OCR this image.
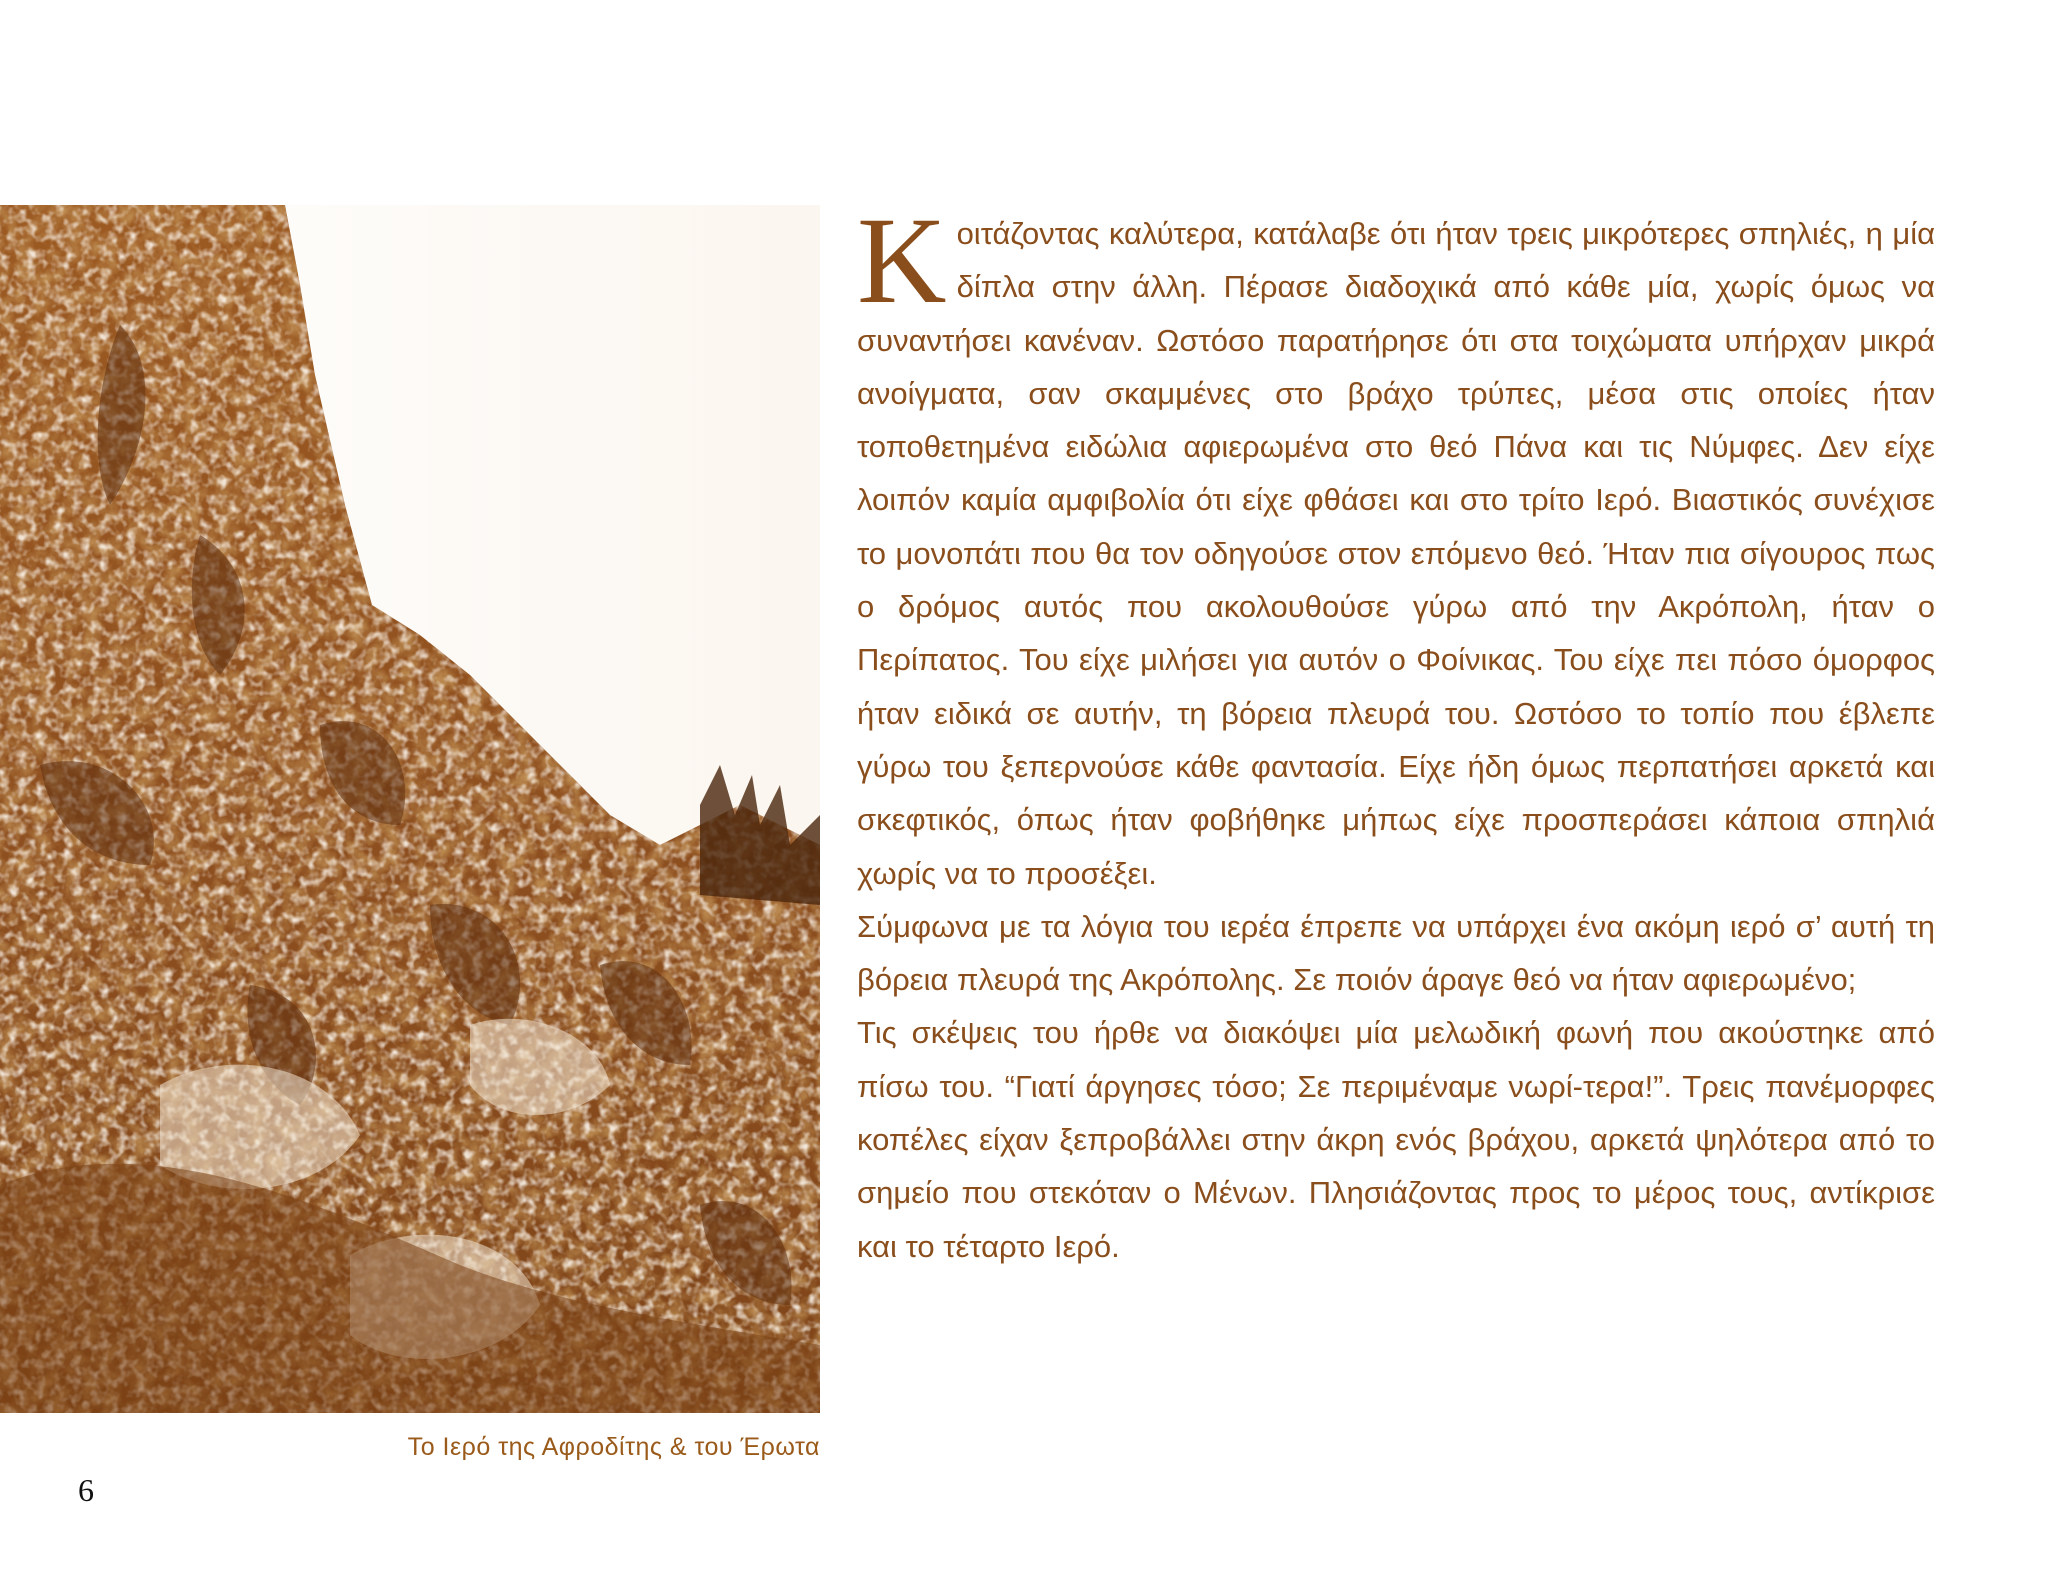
Το Ιερό της Αφροδίτης & του Έρωτα
6

Κοιτάζοντας καλύτερα, κατάλαβε ότι ήταν τρεις μικρότερες σπηλιές, η μία δίπλα στην άλλη. Πέρασε διαδοχικά από κάθε μία, χωρίς όμως να συναντήσει κανέναν. Ωστόσο παρατήρησε ότι στα τοιχώματα υπήρχαν μικρά ανοίγματα, σαν σκαμμένες στο βράχο τρύπες, μέσα στις οποίες ήταν τοποθετημένα ειδώλια αφιερωμένα στο θεό Πάνα και τις Νύμφες. Δεν είχε λοιπόν καμία αμφιβολία ότι είχε φθάσει και στο τρίτο Ιερό. Βιαστικός συνέχισε το μονοπάτι που θα τον οδηγούσε στον επόμενο θεό. Ήταν πια σίγουρος πως ο δρόμος αυτός που ακολουθούσε γύρω από την Ακρόπολη, ήταν ο Περίπατος. Του είχε μιλήσει για αυτόν ο Φοίνικας. Του είχε πει πόσο όμορφος ήταν ειδικά σε αυτήν, τη βόρεια πλευρά του. Ωστόσο το τοπίο που έβλεπε γύρω του ξεπερνούσε κάθε φαντασία. Είχε ήδη όμως περπατήσει αρκετά και σκεφτικός, όπως ήταν φοβήθηκε μήπως είχε προσπεράσει κάποια σπηλιά χωρίς να το προσέξει.

Σύμφωνα με τα λόγια του ιερέα έπρεπε να υπάρχει ένα ακόμη ιερό σ’ αυτή τη βόρεια πλευρά της Ακρόπολης. Σε ποιόν άραγε θεό να ήταν αφιερωμένο;

Τις σκέψεις του ήρθε να διακόψει μία μελωδική φωνή που ακούστηκε από πίσω του. “Γιατί άργησες τόσο; Σε περιμέναμε νωρί-τερα!”. Τρεις πανέμορφες κοπέλες είχαν ξεπροβάλλει στην άκρη ενός βράχου, αρκετά ψηλότερα από το σημείο που στεκόταν ο Μένων. Πλησιάζοντας προς το μέρος τους, αντίκρισε και το τέταρτο Ιερό.
